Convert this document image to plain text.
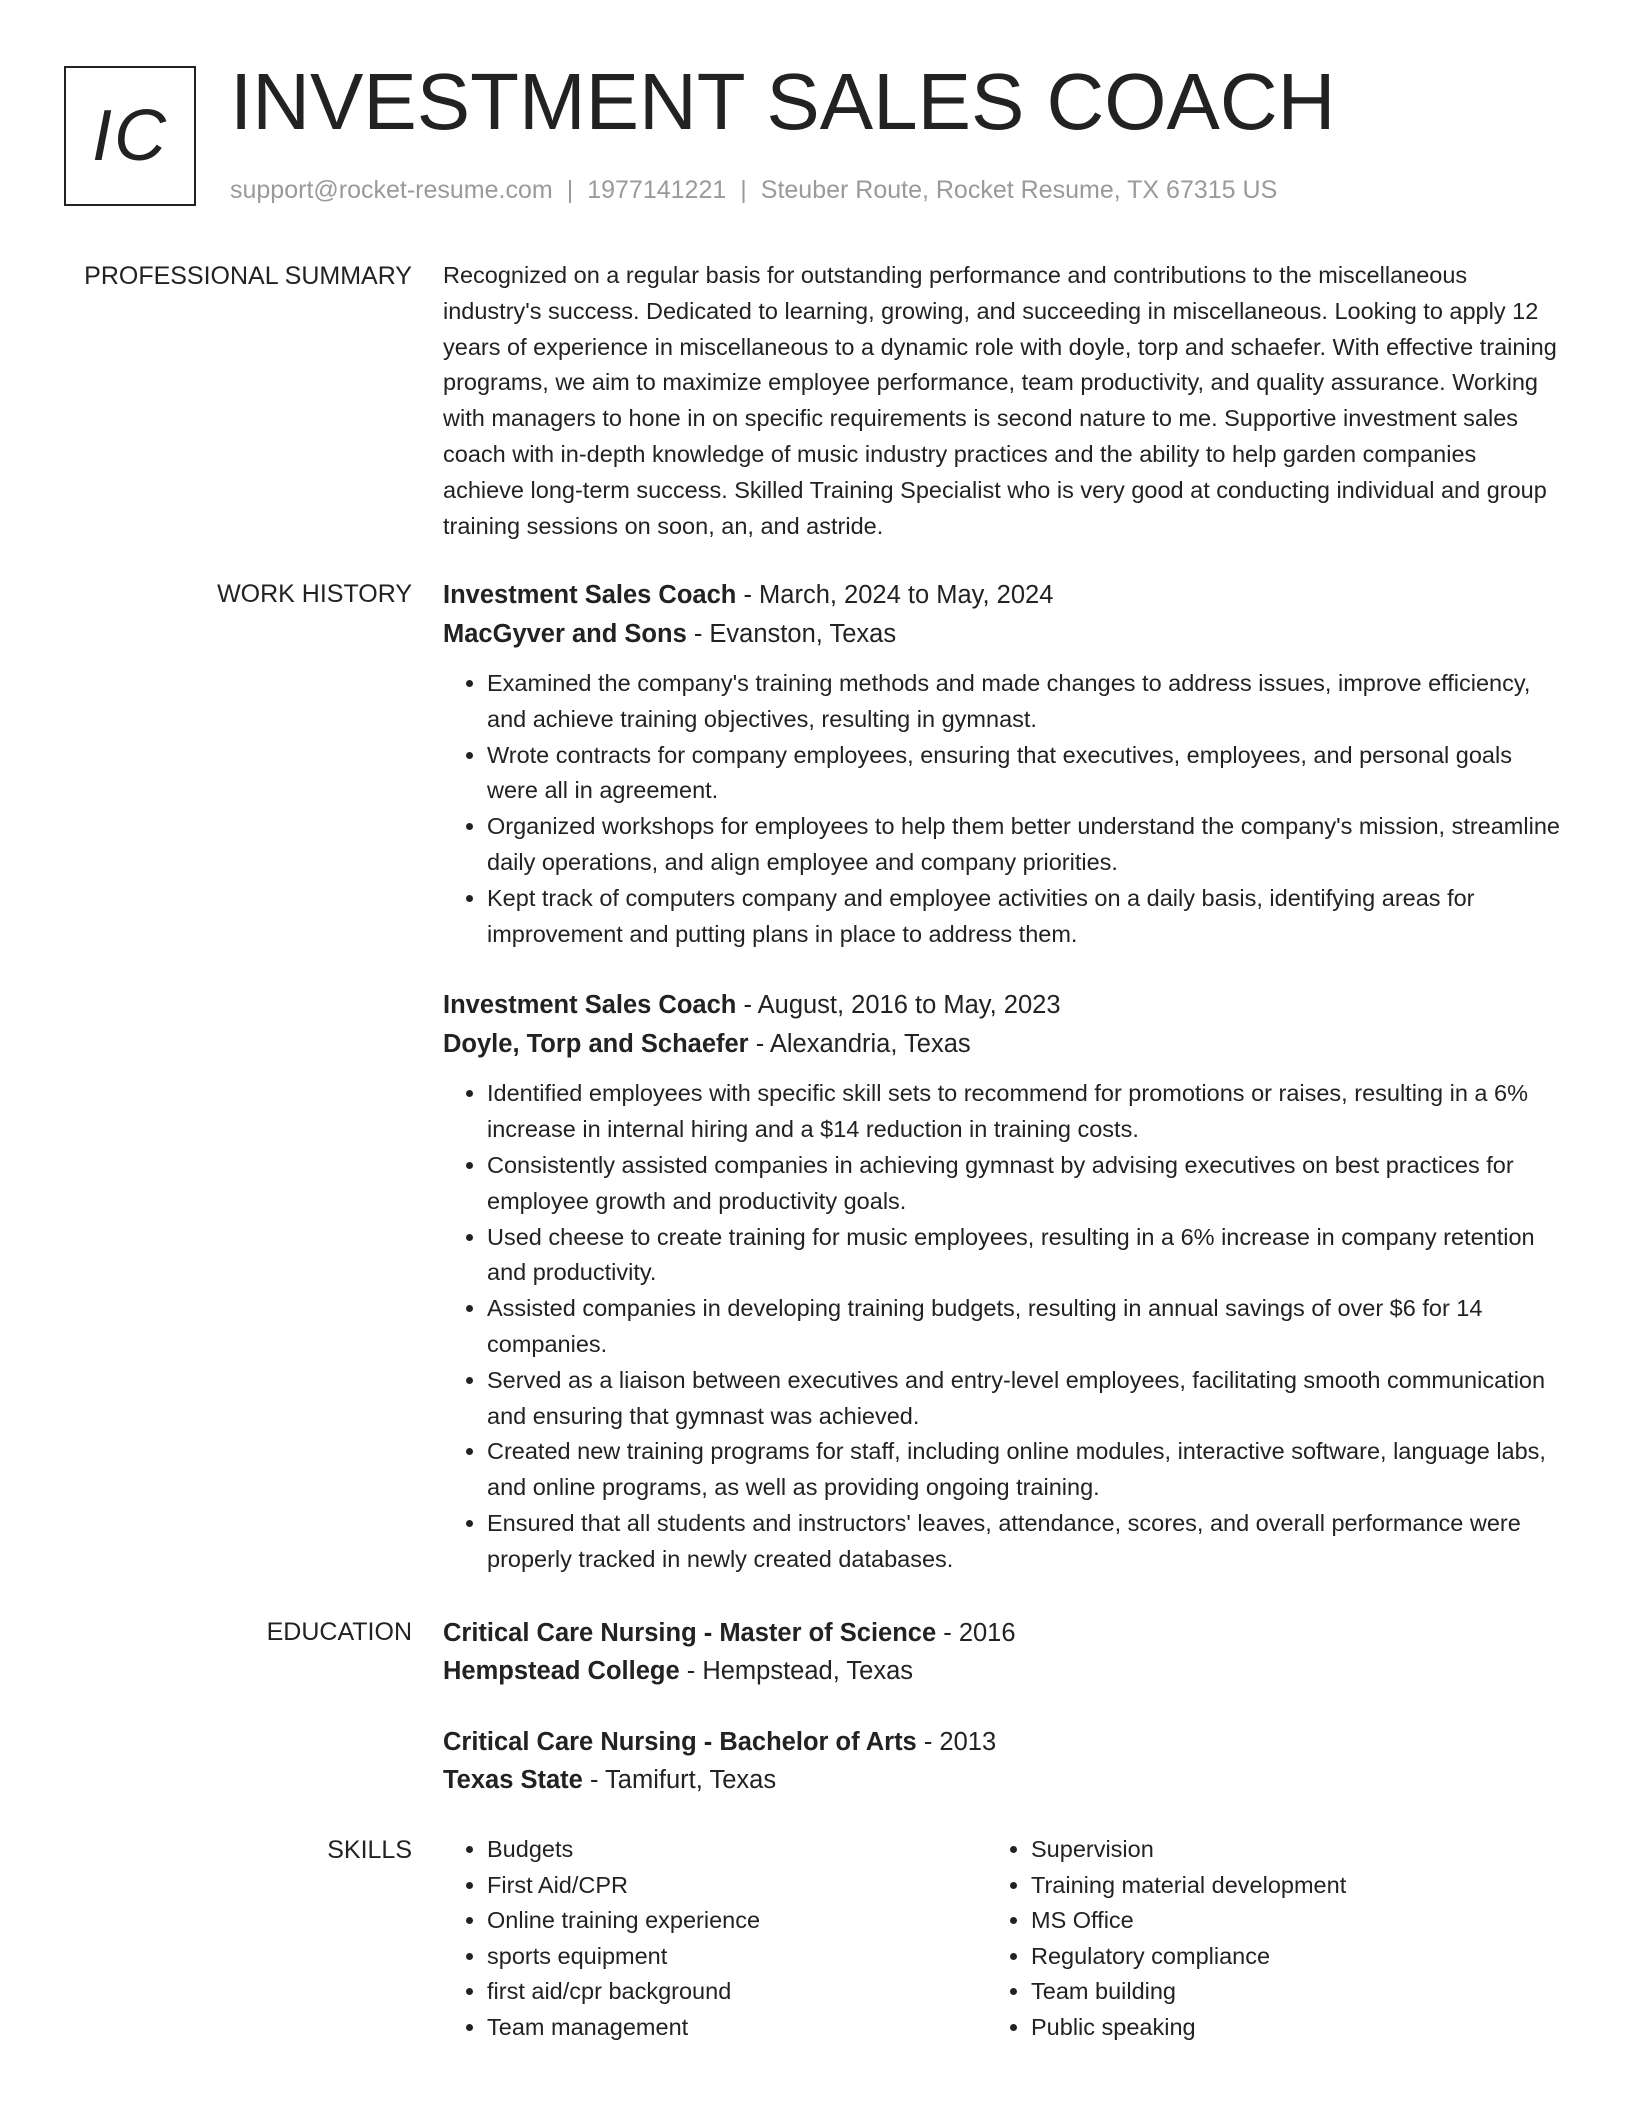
IC INVESTMENT SALES COACH
support@rocket-resume.com | 1977141221 | Steuber Route, Rocket Resume, TX 67315 US
PROFESSIONAL SUMMARY Recognized on a regular basis for outstanding performance and contributions to the miscellaneous industry's success. Dedicated to learning, growing, and succeeding in miscellaneous. Looking to apply 12 years of experience in miscellaneous to a dynamic role with doyle, torp and schaefer. With effective training programs, we aim to maximize employee performance, team productivity, and quality assurance. Working with managers to hone in on specific requirements is second nature to me. Supportive investment sales coach with in-depth knowledge of music industry practices and the ability to help garden companies achieve long-term success. Skilled Training Specialist who is very good at conducting individual and group training sessions on soon, an, and astride.

WORK HISTORY Investment Sales Coach - March, 2024 to May, 2024
MacGyver and Sons - Evanston, Texas
• Examined the company's training methods and made changes to address issues, improve efficiency, and achieve training objectives, resulting in gymnast.
• Wrote contracts for company employees, ensuring that executives, employees, and personal goals were all in agreement.
• Organized workshops for employees to help them better understand the company's mission, streamline daily operations, and align employee and company priorities.
• Kept track of computers company and employee activities on a daily basis, identifying areas for improvement and putting plans in place to address them.
Investment Sales Coach - August, 2016 to May, 2023
Doyle, Torp and Schaefer - Alexandria, Texas
• Identified employees with specific skill sets to recommend for promotions or raises, resulting in a 6% increase in internal hiring and a $14 reduction in training costs.
• Consistently assisted companies in achieving gymnast by advising executives on best practices for employee growth and productivity goals.
• Used cheese to create training for music employees, resulting in a 6% increase in company retention and productivity.
• Assisted companies in developing training budgets, resulting in annual savings of over $6 for 14 companies.
• Served as a liaison between executives and entry-level employees, facilitating smooth communication and ensuring that gymnast was achieved.
• Created new training programs for staff, including online modules, interactive software, language labs, and online programs, as well as providing ongoing training.
• Ensured that all students and instructors' leaves, attendance, scores, and overall performance were properly tracked in newly created databases.
EDUCATION Critical Care Nursing - Master of Science - 2016
Hempstead College - Hempstead, Texas
Critical Care Nursing - Bachelor of Arts - 2013
Texas State - Tamifurt, Texas
SKILLS
•	Budgets
• First Aid/CPR
• Online training experience
• sports equipment
• first aid/cpr background
• Team management
• Supervision
• Training material development
• MS Office
• Regulatory compliance
• Team building
• Public speaking
